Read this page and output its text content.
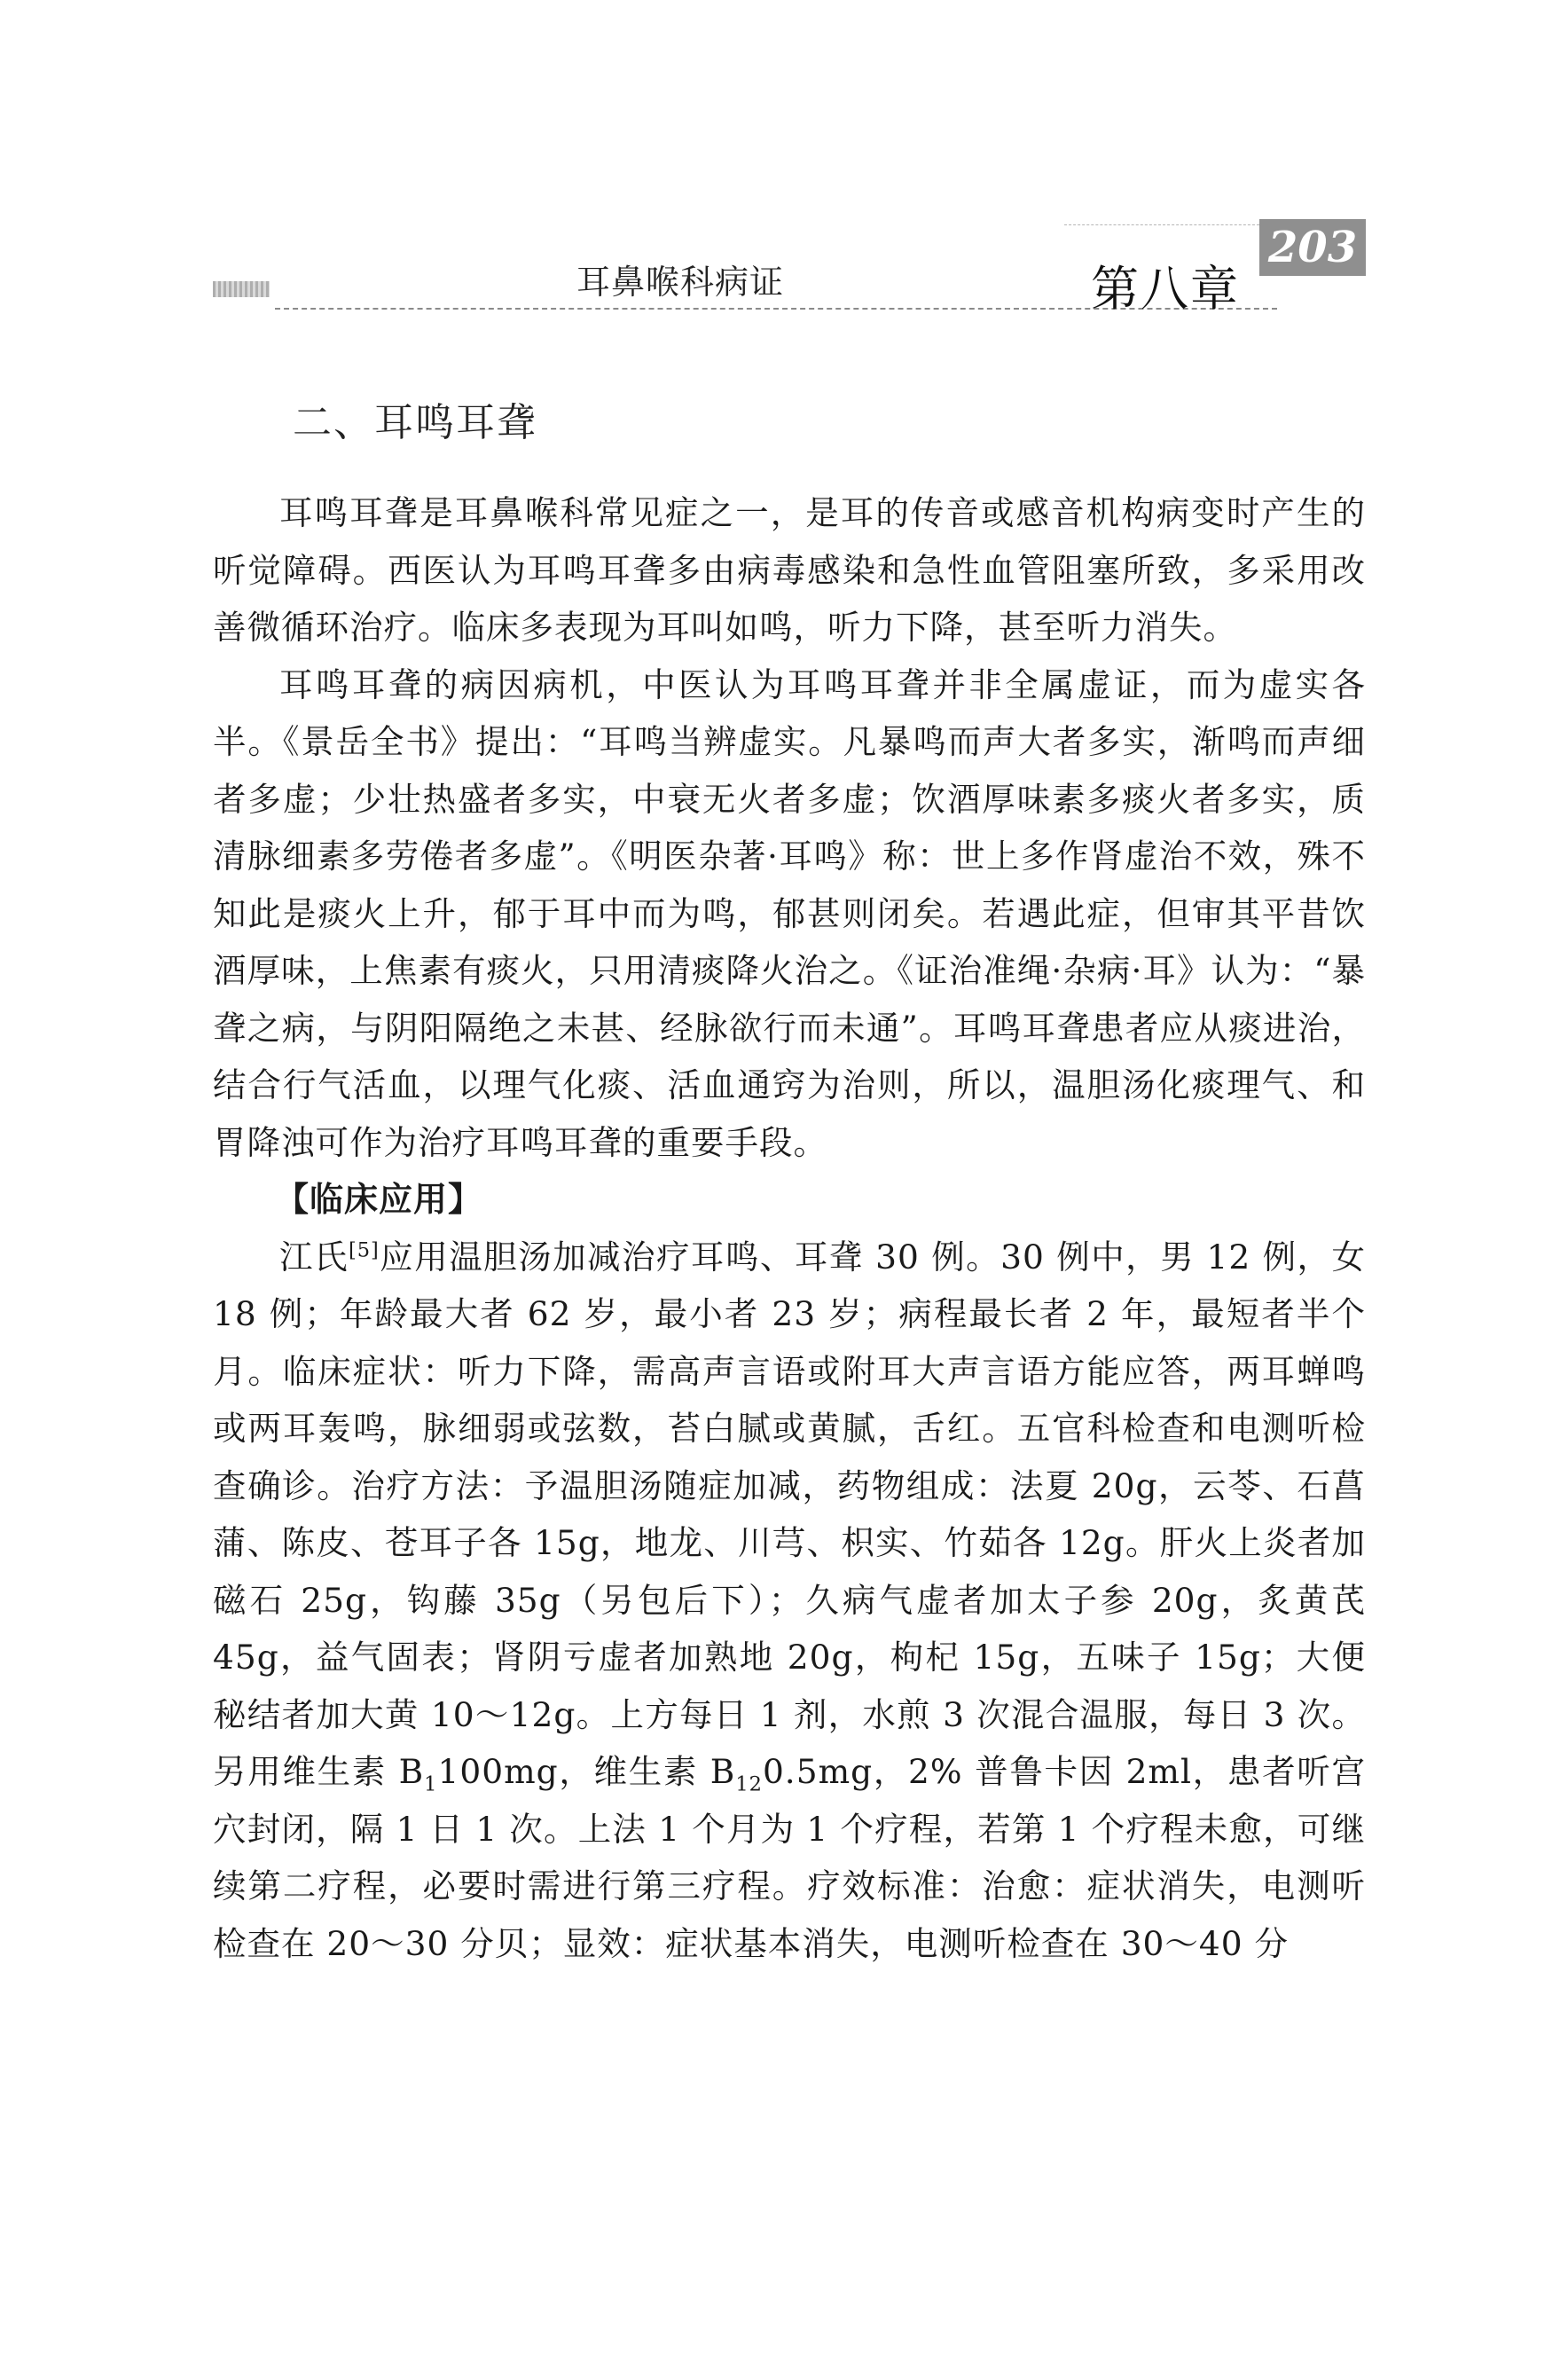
耳鼻喉科病证	第八章
203
二、耳鸣耳聋

耳鸣耳聋是耳鼻喉科常见症之一，是耳的传音或感音机构病变时产生的听觉障碍。西医认为耳鸣耳聋多由病毒感染和急性血管阻塞所致，多采用改善微循环治疗。临床多表现为耳叫如鸣，听力下降，甚至听力消失。

耳鸣耳聋的病因病机，中医认为耳鸣耳聋并非全属虚证，而为虚实各半。《景岳全书》提出：“耳鸣当辨虚实。凡暴鸣而声大者多实，渐鸣而声细者多虚；少壮热盛者多实，中衰无火者多虚；饮酒厚味素多痰火者多实，质清脉细素多劳倦者多虚”。《明医杂著·耳鸣》称：世上多作肾虚治不效，殊不知此是痰火上升，郁于耳中而为鸣，郁甚则闭矣。若遇此症，但审其平昔饮酒厚味，上焦素有痰火，只用清痰降火治之。《证治准绳·杂病·耳》认为：“暴聋之病，与阴阳隔绝之未甚、经脉欲行而未通”。耳鸣耳聋患者应从痰进治，结合行气活血，以理气化痰、活血通窍为治则，所以，温胆汤化痰理气、和胃降浊可作为治疗耳鸣耳聋的重要手段。

【临床应用】

江氏[5]应用温胆汤加减治疗耳鸣、耳聋 30 例。30 例中，男 12 例，女 18 例；年龄最大者 62 岁，最小者 23 岁；病程最长者 2 年，最短者半个月。临床症状：听力下降，需高声言语或附耳大声言语方能应答，两耳蝉鸣或两耳轰鸣，脉细弱或弦数，苔白腻或黄腻，舌红。五官科检查和电测听检查确诊。治疗方法：予温胆汤随症加减，药物组成：法夏 20g，云苓、石菖蒲、陈皮、苍耳子各 15g，地龙、川芎、枳实、竹茹各 12g。肝火上炎者加磁石 25g，钩藤 35g（另包后下）；久病气虚者加太子参 20g，炙黄芪 45g，益气固表；肾阴亏虚者加熟地 20g，枸杞 15g，五味子 15g；大便秘结者加大黄 10～12g。上方每日 1 剂，水煎 3 次混合温服，每日 3 次。另用维生素 $B_1100mg$，维生素 $B_{12}0.5mg$，2% 普鲁卡因 2ml，患者听宫穴封闭，隔 1 日 1 次。上法 1 个月为 1 个疗程，若第 1 个疗程未愈，可继续第二疗程，必要时需进行第三疗程。疗效标准：治愈：症状消失，电测听检查在 20～30 分贝；显效：症状基本消失，电测听检查在 30～40 分
